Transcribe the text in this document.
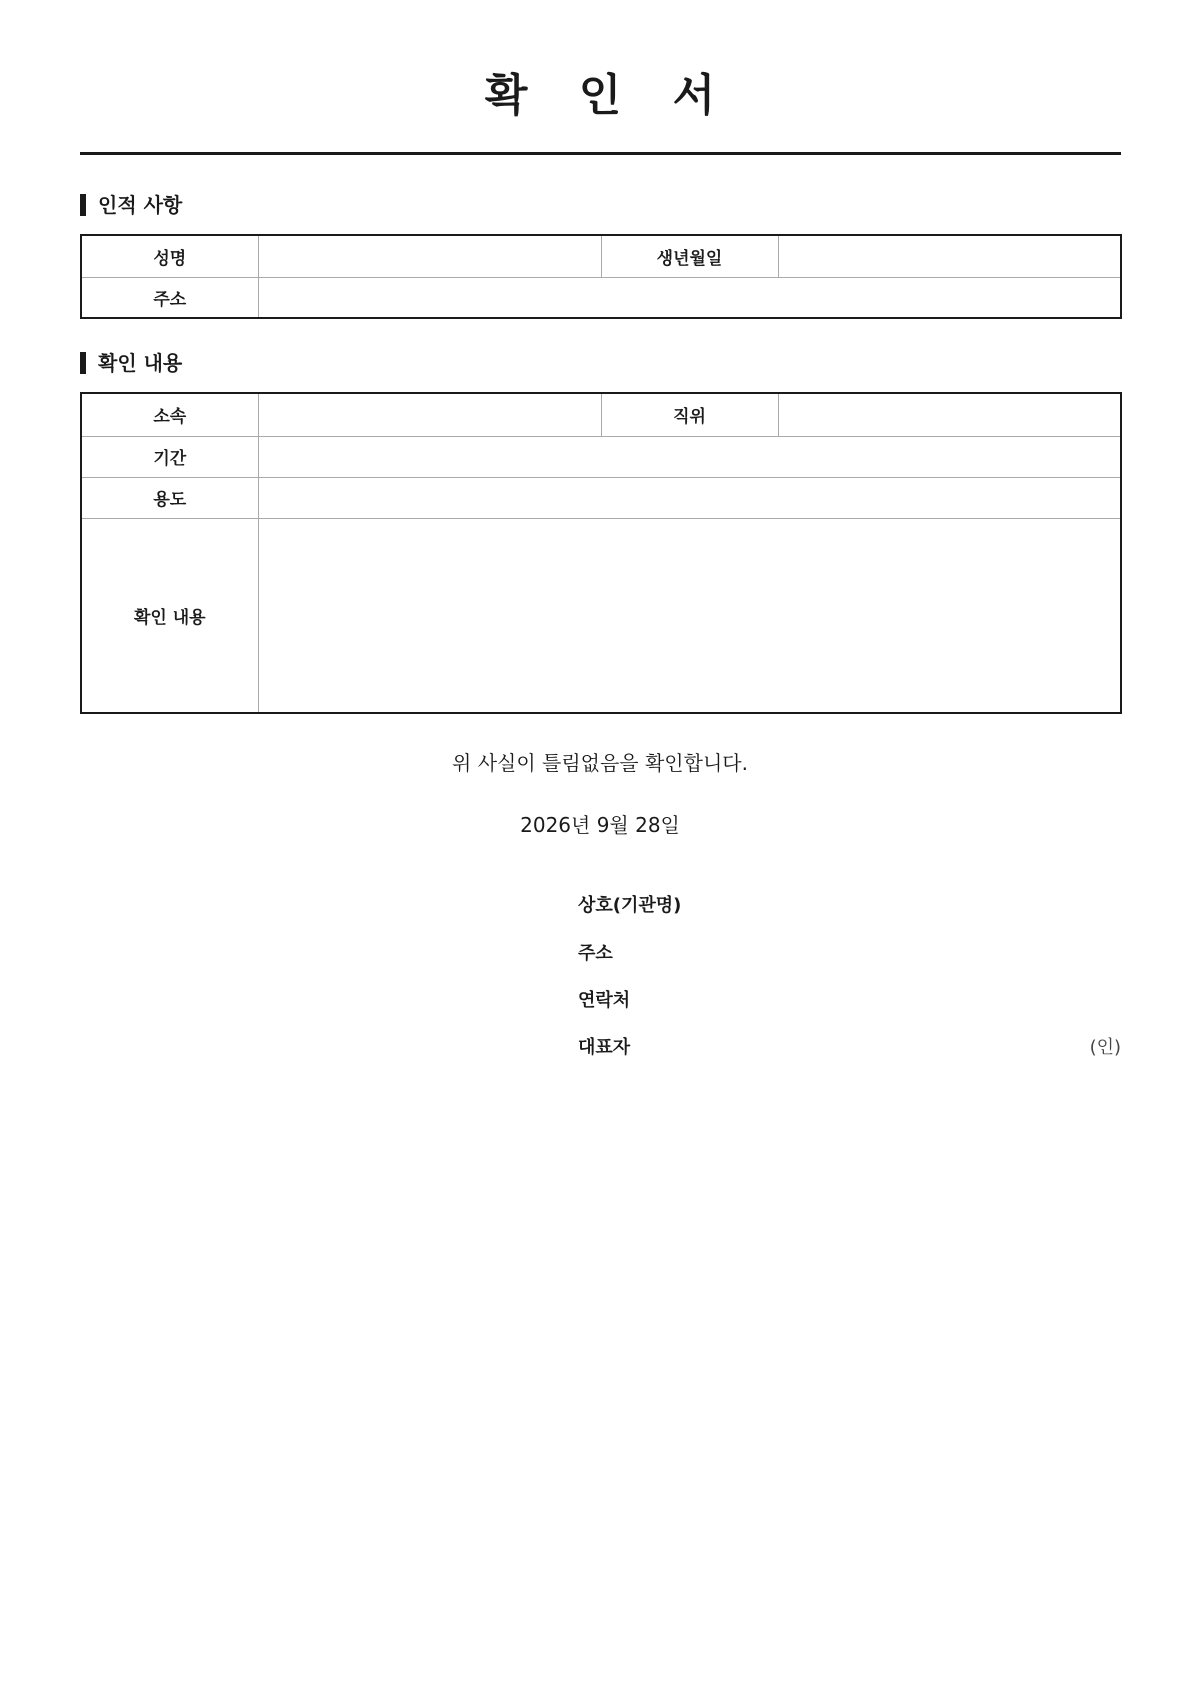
확 인 서
인적 사항
성명		생년월일	
주소			
확인 내용
소속		직위	
기간			
용도			
확인 내용			
위 사실이 틀림없음을 확인합니다.
2026년 9월 28일
상호(기관명)
주소
연락처
대표자	(인)
